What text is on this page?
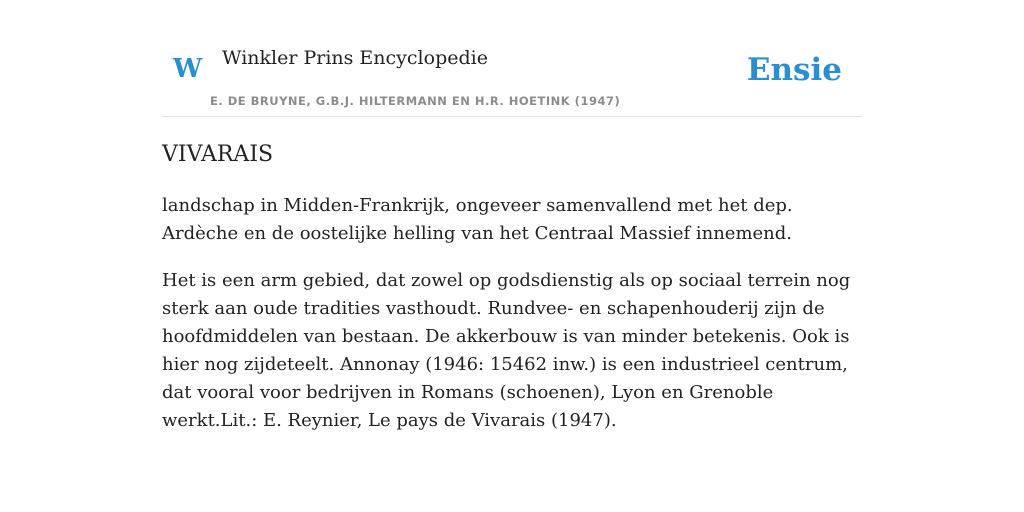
W Winkler Prins Encyclopedie
E. DE BRUYNE, G.B.J. HILTERMANN EN H.R. HOETINK (1947)
Ensie
VIVARAIS

landschap in Midden-Frankrijk, ongeveer samenvallend met het dep. Ardèche en de oostelijke helling van het Centraal Massief innemend.

Het is een arm gebied, dat zowel op godsdienstig als op sociaal terrein nog sterk aan oude tradities vasthoudt. Rundvee- en schapenhouderij zijn de hoofdmiddelen van bestaan. De akkerbouw is van minder betekenis. Ook is hier nog zijdeteelt. Annonay (1946: 15462 inw.) is een industrieel centrum, dat vooral voor bedrijven in Romans (schoenen), Lyon en Grenoble werkt.Lit.: E. Reynier, Le pays de Vivarais (1947).
